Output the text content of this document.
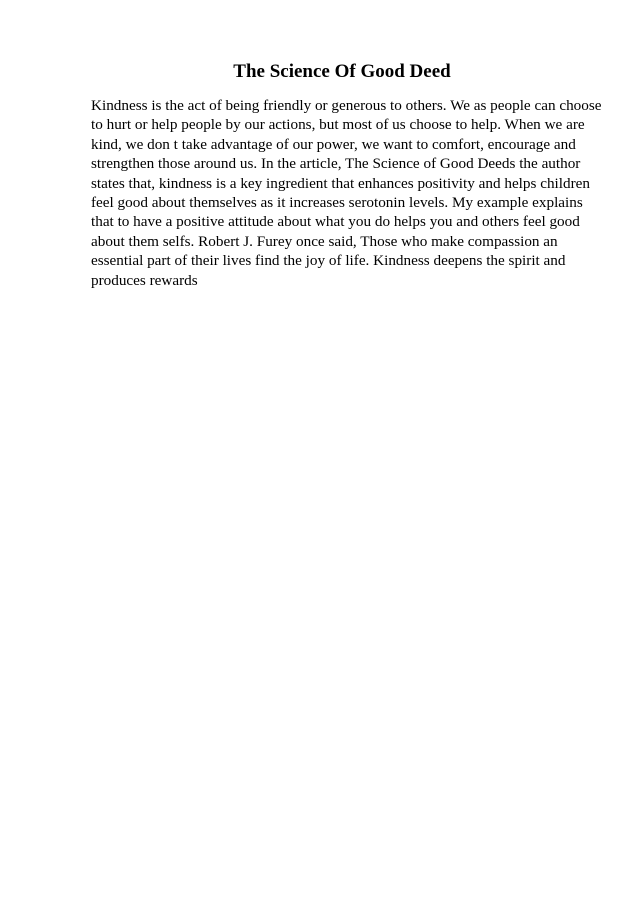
The Science Of Good Deed
Kindness is the act of being friendly or generous to others. We as people can choose
to hurt or help people by our actions, but most of us choose to help. When we are
kind, we don t take advantage of our power, we want to comfort, encourage and
strengthen those around us. In the article, The Science of Good Deeds the author
states that, kindness is a key ingredient that enhances positivity and helps children
feel good about themselves as it increases serotonin levels. My example explains
that to have a positive attitude about what you do helps you and others feel good
about them selfs. Robert J. Furey once said, Those who make compassion an
essential part of their lives find the joy of life. Kindness deepens the spirit and
produces rewards
